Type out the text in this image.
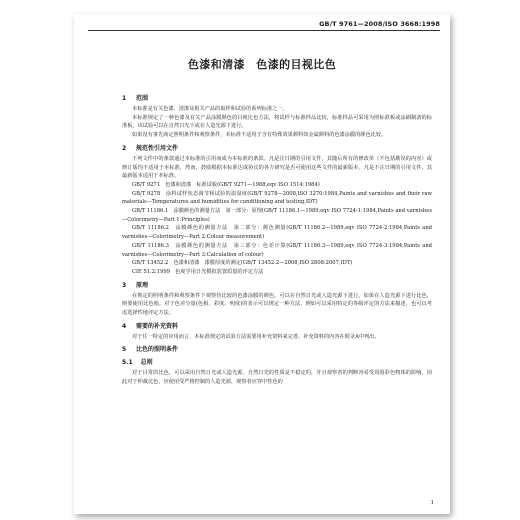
GB/T 9761—2008/ISO 3668:1998
色漆和清漆　色漆的目视比色
1	范围

本标准是有关色漆、清漆及相关产品的取样和试验的系列标准之一。

本标准规定了一种色漆及有关产品涂膜颜色的目视比色方法，将试样与标准样品比较，标准样品可采用为照标准板或涂刷制备的标准板，该试验可以在自然日光下或在人造光源下进行。

如果没有事先商定照明条件和观察条件，本标准不适用于含有特殊效果颜料如金属颜料的色漆涂膜的颜色比较。

2	规范性引用文件

下列文件中的条款通过本标准的引用而成为本标准的条款。凡是注日期的引用文件，其随后所有的修改单（不包括勘误的内容）或修订版均不适用于本标准，然而，鼓励根据本标准达成协议的各方研究是否可使用这些文件的最新版本。凡是不注日期的引用文件，其最新版本适用于本标准。

GB/T 9271　色漆和清漆　标准试板(GB/T 9271—1988,eqv ISO 1514:1984)

GB/T 9278　涂料试样状态调节和试验的温湿度(GB/T 9278—2008,ISO 3270:1984,Paints and varnishes and their raw materials—Temperatures and humidities for conditioning and testing,IDT)

GB/T 11186.1　涂膜颜色的测量方法　第一部分：原理(GB/T 11186.1—1989,eqv ISO 7724-1:1984,Paints and varnishes—Colorimetry—Part 1:Principles)

GB/T 11186.2　涂膜颜色的测量方法　第二部分：颜色测量(GB/T 11186.2—1989,eqv ISO 7724-2:1984,Paints and varnishes—Colorimetry—Part 2:Colour measurement)

GB/T 11186.3　涂膜颜色的测量方法　第三部分：色差计算(GB/T 11186.3—1989,eqv ISO 7724-3:1984,Paints and varnishes—Colorimetry—Part 3:Calculation of colour)

GB/T 13452.2　色漆和清漆　漆膜厚度的测定(GB/T 13452.2—2008,ISO 2808:2007,IDT)

CIE 51.2:1999　色度学用日光模拟装置质量的评定方法

3	原理

在规定的照明条件和观察条件下观察待比较的色漆涂膜的颜色，可以在自然日光或人造光源下进行，如果在人造光源下进行比色，则要使用比色箱。对于色差分量(色相、彩度、明度)的表示可以规定一种方法，例如可以采用特定的等级评定的方法来描述，也可以考虑选择性地评定方法。

4	需要的补充资料

对于任一特定的应用而言，本标准规定的试验方法需要用补充资料来完善。补充资料的内容在附录A中列出。

5	比色的照明条件
5.1 总则

对于目常的比色，可以采用自然日光或人造光源。自然日光的性质是不稳定的，并且观察者的判断容易受周围彩色物体的影响，因此对于仲裁比色，应使用受严格控制的人造光源，观察者应穿中性色的

1
